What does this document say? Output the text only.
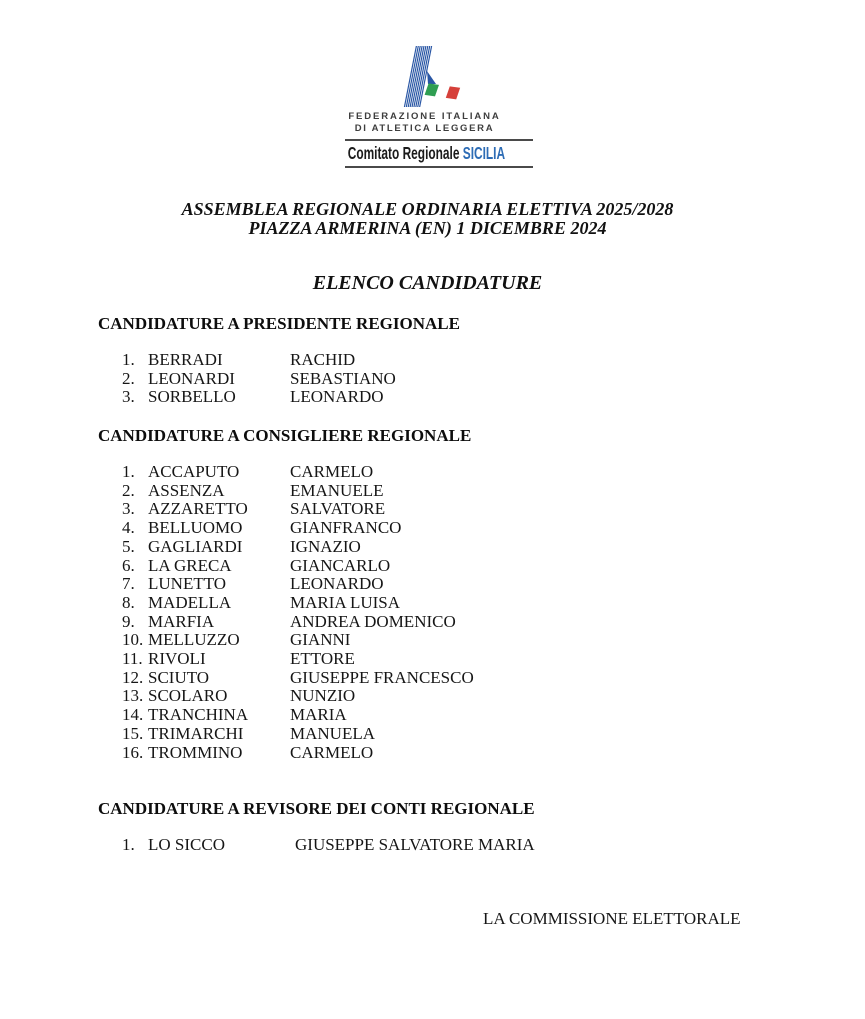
FEDERAZIONE ITALIANA
DI ATLETICA LEGGERA
Comitato Regionale SICILIA
ASSEMBLEA REGIONALE ORDINARIA ELETTIVA 2025/2028
PIAZZA ARMERINA (EN) 1 DICEMBRE 2024
ELENCO CANDIDATURE
CANDIDATURE A PRESIDENTE REGIONALE
1. BERRADI	RACHID
2. LEONARDI	SEBASTIANO
3. SORBELLO	LEONARDO
CANDIDATURE A CONSIGLIERE REGIONALE
1. ACCAPUTO	CARMELO
2. ASSENZA	EMANUELE
3. AZZARETTO	SALVATORE
4. BELLUOMO	GIANFRANCO
5. GAGLIARDI	IGNAZIO
6. LA GRECA	GIANCARLO
7. LUNETTO	LEONARDO
8. MADELLA	MARIA LUISA
9. MARFIA	ANDREA DOMENICO
10. MELLUZZO	GIANNI
11. RIVOLI	ETTORE
12. SCIUTO	GIUSEPPE FRANCESCO
13. SCOLARO	NUNZIO
14. TRANCHINA	MARIA
15. TRIMARCHI	MANUELA
16. TROMMINO	CARMELO
CANDIDATURE A REVISORE DEI CONTI REGIONALE
1. LO SICCO	GIUSEPPE SALVATORE MARIA
LA COMMISSIONE ELETTORALE
